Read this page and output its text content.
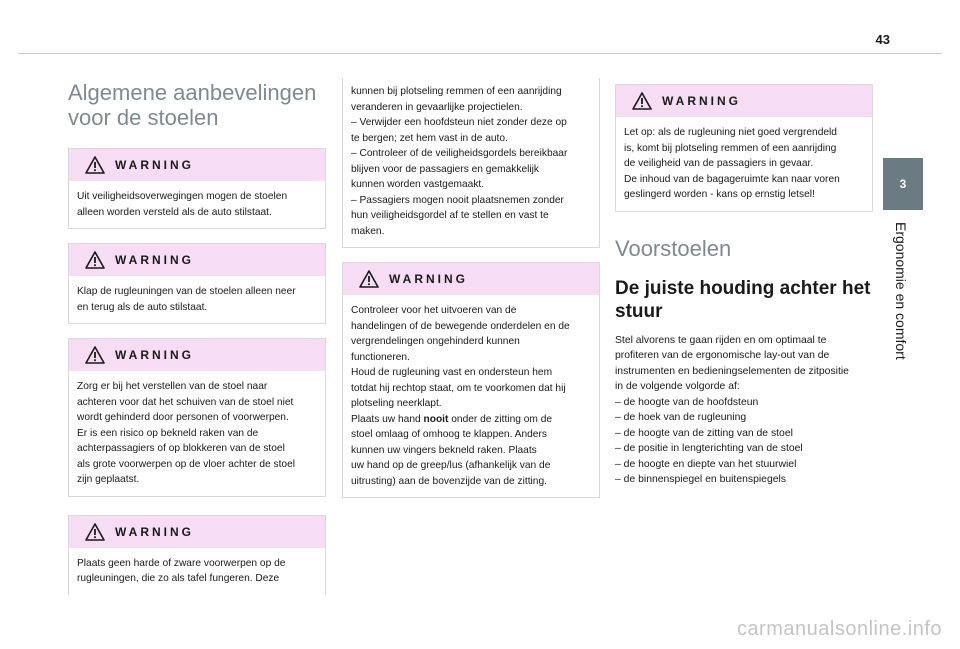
43
3
Ergonomie en comfort
Algemene aanbevelingen
voor de stoelen
WARNING

Uit veiligheidsoverwegingen mogen de stoelen

alleen worden versteld als de auto stilstaat.

WARNING

Klap de rugleuningen van de stoelen alleen neer

en terug als de auto stilstaat.

WARNING

Zorg er bij het verstellen van de stoel naar

achteren voor dat het schuiven van de stoel niet

wordt gehinderd door personen of voorwerpen.

Er is een risico op bekneld raken van de

achterpassagiers of op blokkeren van de stoel

als grote voorwerpen op de vloer achter de stoel

zijn geplaatst.

WARNING

Plaats geen harde of zware voorwerpen op de

rugleuningen, die zo als tafel fungeren. Deze

kunnen bij plotseling remmen of een aanrijding

veranderen in gevaarlijke projectielen.

– Verwijder een hoofdsteun niet zonder deze op

te bergen; zet hem vast in de auto.

– Controleer of de veiligheidsgordels bereikbaar

blijven voor de passagiers en gemakkelijk

kunnen worden vastgemaakt.

– Passagiers mogen nooit plaatsnemen zonder

hun veiligheidsgordel af te stellen en vast te

maken.

WARNING

Controleer voor het uitvoeren van de

handelingen of de bewegende onderdelen en de

vergrendelingen ongehinderd kunnen

functioneren.

Houd de rugleuning vast en ondersteun hem

totdat hij rechtop staat, om te voorkomen dat hij

plotseling neerklapt.

Plaats uw hand nooit onder de zitting om de

stoel omlaag of omhoog te klappen. Anders

kunnen uw vingers bekneld raken. Plaats

uw hand op de greep/lus (afhankelijk van de

uitrusting) aan de bovenzijde van de zitting.

WARNING

Let op: als de rugleuning niet goed vergrendeld

is, komt bij plotseling remmen of een aanrijding

de veiligheid van de passagiers in gevaar.

De inhoud van de bagageruimte kan naar voren

geslingerd worden - kans op ernstig letsel!

Voorstoelen
De juiste houding achter het
stuur

Stel alvorens te gaan rijden en om optimaal te

profiteren van de ergonomische lay-out van de

instrumenten en bedieningselementen de zitpositie

in de volgende volgorde af:

– de hoogte van de hoofdsteun

– de hoek van de rugleuning

– de hoogte van de zitting van de stoel

– de positie in lengterichting van de stoel

– de hoogte en diepte van het stuurwiel

– de binnenspiegel en buitenspiegels

carmanualsonline.info
